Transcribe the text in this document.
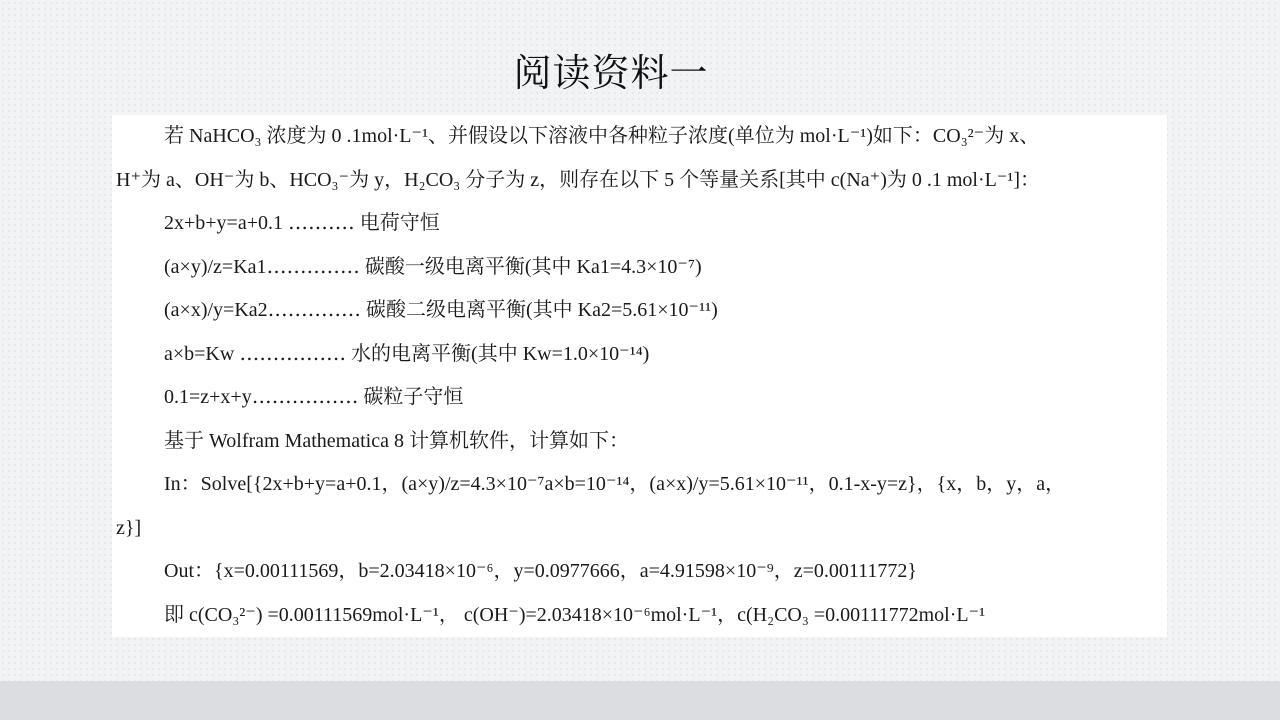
阅读资料一
若 NaHCO₃ 浓度为 0 .1mol·L⁻¹、并假设以下溶液中各种粒子浓度(单位为 mol·L⁻¹)如下：CO₃²⁻为 x、
H⁺为 a、OH⁻为 b、HCO₃⁻为 y，H₂CO₃ 分子为 z，则存在以下 5 个等量关系[其中 c(Na⁺)为 0 .1 mol·L⁻¹]：
2x+b+y=a+0.1 ‥‥‥‥‥ 电荷守恒
(a×y)/z=Ka1‥‥‥‥‥‥‥ 碳酸一级电离平衡(其中 Ka1=4.3×10⁻⁷)
(a×x)/y=Ka2‥‥‥‥‥‥‥ 碳酸二级电离平衡(其中 Ka2=5.61×10⁻¹¹)
a×b=Kw ‥‥‥‥‥‥‥‥ 水的电离平衡(其中 Kw=1.0×10⁻¹⁴)
0.1=z+x+y‥‥‥‥‥‥‥‥ 碳粒子守恒
基于 Wolfram Mathematica 8 计算机软件，计算如下：
In：Solve[{2x+b+y=a+0.1，(a×y)/z=4.3×10⁻⁷a×b=10⁻¹⁴，(a×x)/y=5.61×10⁻¹¹，0.1-x-y=z}，{x，b，y，a，
z}]
Out：{x=0.00111569，b=2.03418×10⁻⁶，y=0.0977666，a=4.91598×10⁻⁹，z=0.00111772}
即 c(CO₃²⁻) =0.00111569mol·L⁻¹， c(OH⁻)=2.03418×10⁻⁶mol·L⁻¹，c(H₂CO₃ =0.00111772mol·L⁻¹
